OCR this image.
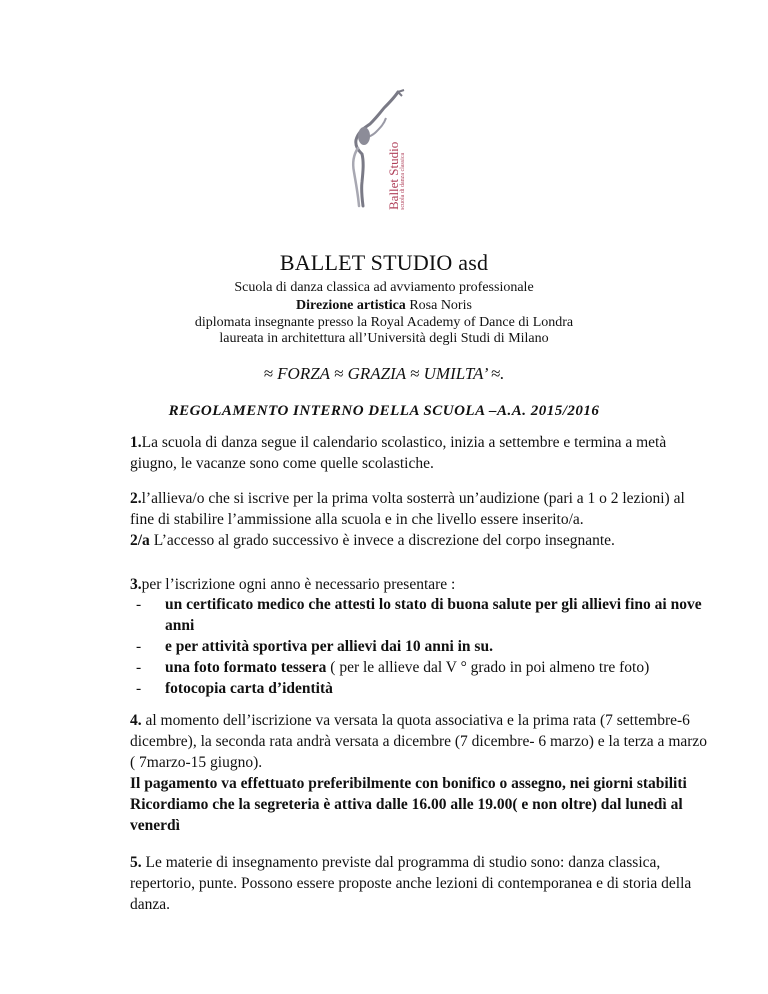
Ballet Studio scuola di danza classica
BALLET STUDIO asd
Scuola di danza classica ad avviamento professionale
Direzione artistica Rosa Noris
diplomata insegnante presso la Royal Academy of Dance di Londra
laureata in architettura all’Università degli Studi di Milano
≈ FORZA ≈ GRAZIA ≈ UMILTA’ ≈.
REGOLAMENTO INTERNO DELLA SCUOLA –A.A. 2015/2016
1.La scuola di danza segue il calendario scolastico, inizia a settembre e termina a metà giugno, le vacanze sono come quelle scolastiche.
2.l’allieva/o che si iscrive per la prima volta sosterrà un’audizione (pari a 1 o 2 lezioni) al fine di stabilire l’ammissione alla scuola e in che livello essere inserito/a.
2/a L’accesso al grado successivo è invece a discrezione del corpo insegnante.
3.per l’iscrizione ogni anno è necessario presentare :
- un certificato medico che attesti lo stato di buona salute per gli allievi fino ai nove anni
- e per attività sportiva per allievi dai 10 anni in su.
- una foto formato tessera ( per le allieve dal V ° grado in poi almeno tre foto)
- fotocopia carta d’identità
4. al momento dell’iscrizione va versata la quota associativa e la prima rata (7 settembre-6 dicembre), la seconda rata andrà versata a dicembre (7 dicembre- 6 marzo) e la terza a marzo ( 7marzo-15 giugno).
Il pagamento va effettuato preferibilmente con bonifico o assegno, nei giorni stabiliti
Ricordiamo che la segreteria è attiva dalle 16.00 alle 19.00( e non oltre) dal lunedì al venerdì
5. Le materie di insegnamento previste dal programma di studio sono: danza classica, repertorio, punte. Possono essere proposte anche lezioni di contemporanea e di storia della danza.
